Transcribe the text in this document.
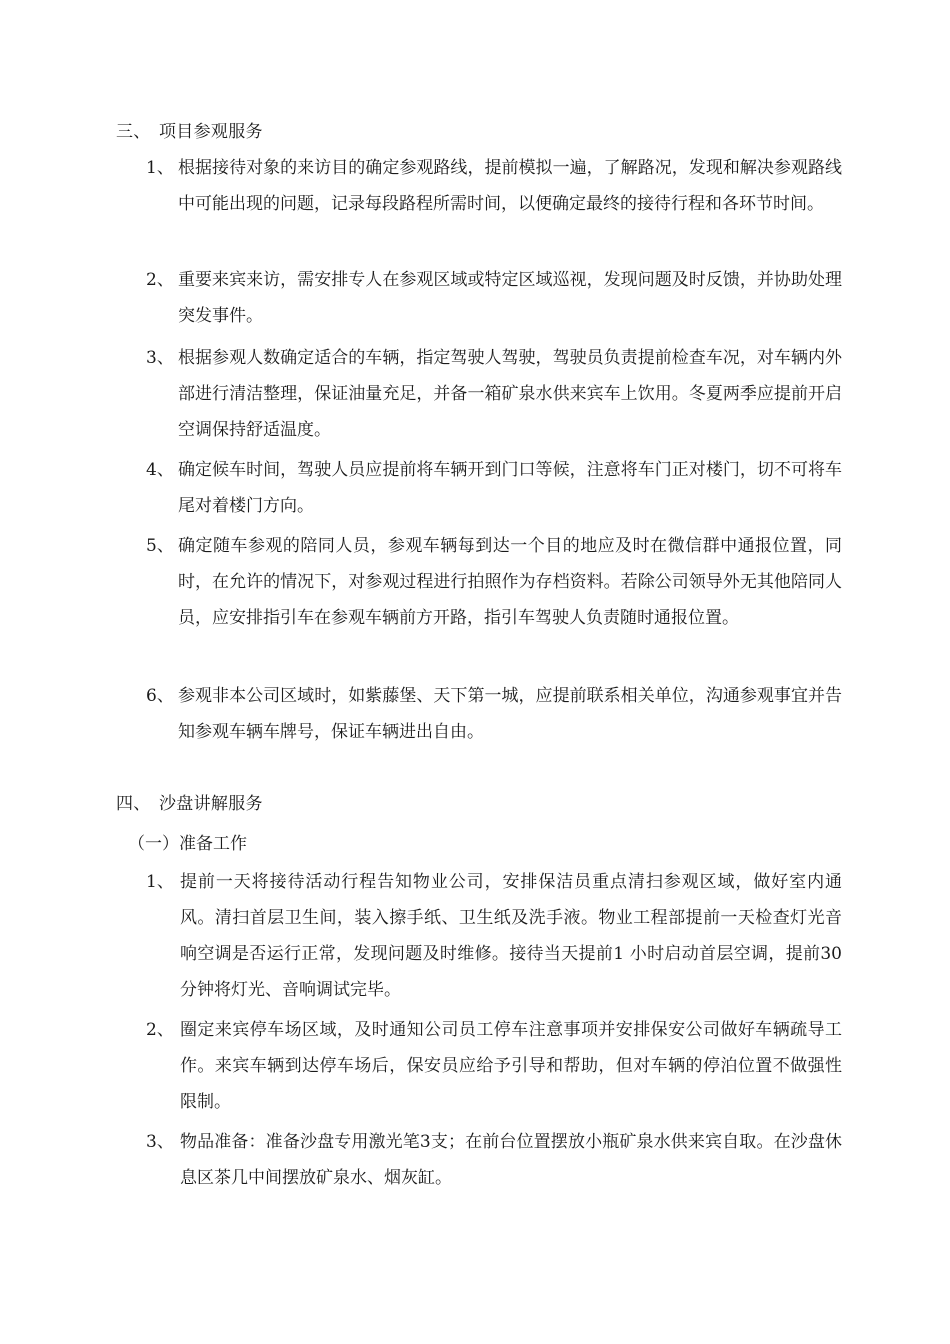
三、 项目参观服务
1、 根据接待对象的来访目的确定参观路线，提前模拟一遍，了解路况，发现和解决参观路线中可能出现的问题，记录每段路程所需时间，以便确定最终的接待行程和各环节时间。
2、 重要来宾来访，需安排专人在参观区域或特定区域巡视，发现问题及时反馈，并协助处理突发事件。
3、 根据参观人数确定适合的车辆，指定驾驶人驾驶，驾驶员负责提前检查车况，对车辆内外部进行清洁整理，保证油量充足，并备一箱矿泉水供来宾车上饮用。冬夏两季应提前开启空调保持舒适温度。
4、 确定候车时间，驾驶人员应提前将车辆开到门口等候，注意将车门正对楼门，切不可将车尾对着楼门方向。
5、 确定随车参观的陪同人员，参观车辆每到达一个目的地应及时在微信群中通报位置，同时，在允许的情况下，对参观过程进行拍照作为存档资料。若除公司领导外无其他陪同人员，应安排指引车在参观车辆前方开路，指引车驾驶人负责随时通报位置。
6、 参观非本公司区域时，如紫藤堡、天下第一城，应提前联系相关单位，沟通参观事宜并告知参观车辆车牌号，保证车辆进出自由。
四、 沙盘讲解服务
（一）准备工作
1、 提前一天将接待活动行程告知物业公司，安排保洁员重点清扫参观区域，做好室内通风。清扫首层卫生间，装入擦手纸、卫生纸及洗手液。物业工程部提前一天检查灯光音响空调是否运行正常，发现问题及时维修。接待当天提前1 小时启动首层空调，提前30分钟将灯光、音响调试完毕。
2、 圈定来宾停车场区域，及时通知公司员工停车注意事项并安排保安公司做好车辆疏导工作。来宾车辆到达停车场后，保安员应给予引导和帮助，但对车辆的停泊位置不做强性限制。
3、 物品准备：准备沙盘专用激光笔3支；在前台位置摆放小瓶矿泉水供来宾自取。在沙盘休息区茶几中间摆放矿泉水、烟灰缸。
